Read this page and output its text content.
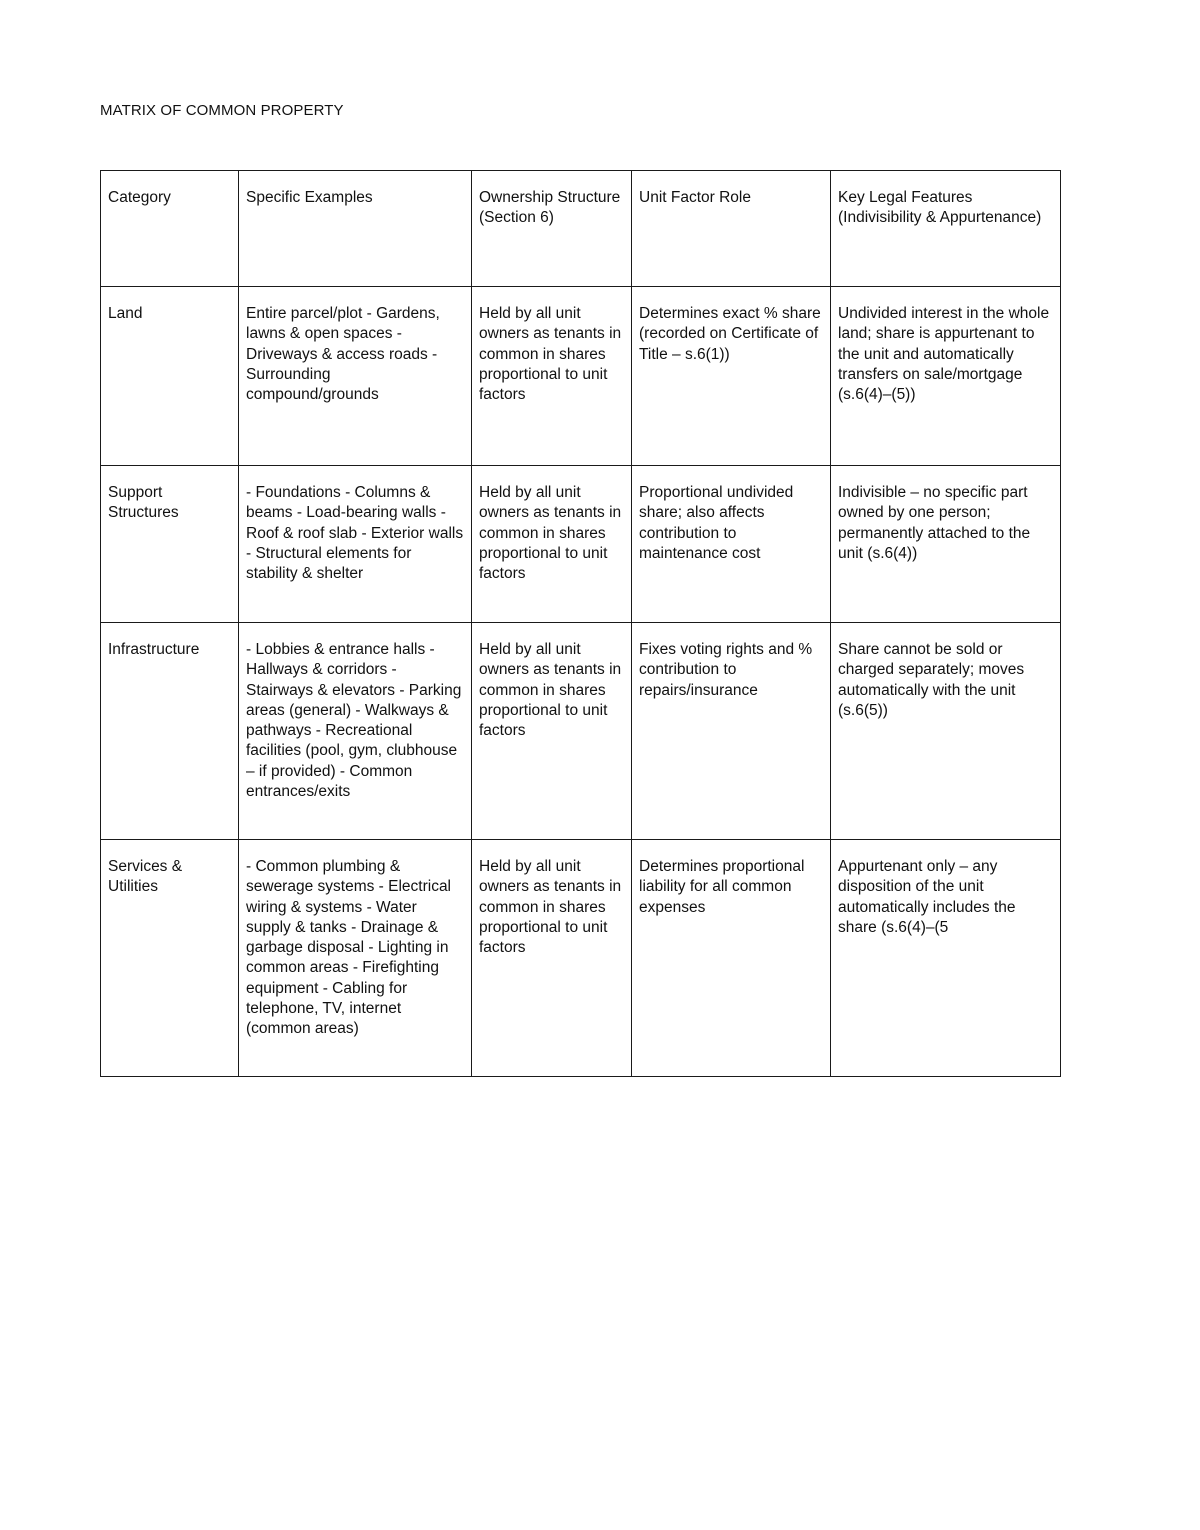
MATRIX OF COMMON PROPERTY
Category	Specific Examples	Ownership Structure (Section 6)	Unit Factor Role	Key Legal Features (Indivisibility & Appurtenance)
Land	Entire parcel/plot - Gardens, lawns & open spaces - Driveways & access roads - Surrounding compound/grounds	Held by all unit owners as tenants in common in shares proportional to unit factors	Determines exact % share (recorded on Certificate of Title – s.6(1))	Undivided interest in the whole land; share is appurtenant to the unit and automatically transfers on sale/mortgage (s.6(4)–(5))
Support Structures	- Foundations - Columns & beams - Load-bearing walls - Roof & roof slab - Exterior walls - Structural elements for stability & shelter	Held by all unit owners as tenants in common in shares proportional to unit factors	Proportional undivided share; also affects contribution to maintenance cost	Indivisible – no specific part owned by one person; permanently attached to the unit (s.6(4))
Infrastructure	- Lobbies & entrance halls - Hallways & corridors - Stairways & elevators - Parking areas (general) - Walkways & pathways - Recreational facilities (pool, gym, clubhouse – if provided) - Common entrances/exits	Held by all unit owners as tenants in common in shares proportional to unit factors	Fixes voting rights and % contribution to repairs/insurance	Share cannot be sold or charged separately; moves automatically with the unit (s.6(5))
Services & Utilities	- Common plumbing & sewerage systems - Electrical wiring & systems - Water supply & tanks - Drainage & garbage disposal - Lighting in common areas - Firefighting equipment - Cabling for telephone, TV, internet (common areas)	Held by all unit owners as tenants in common in shares proportional to unit factors	Determines proportional liability for all common expenses	Appurtenant only – any disposition of the unit automatically includes the share (s.6(4)–(5
